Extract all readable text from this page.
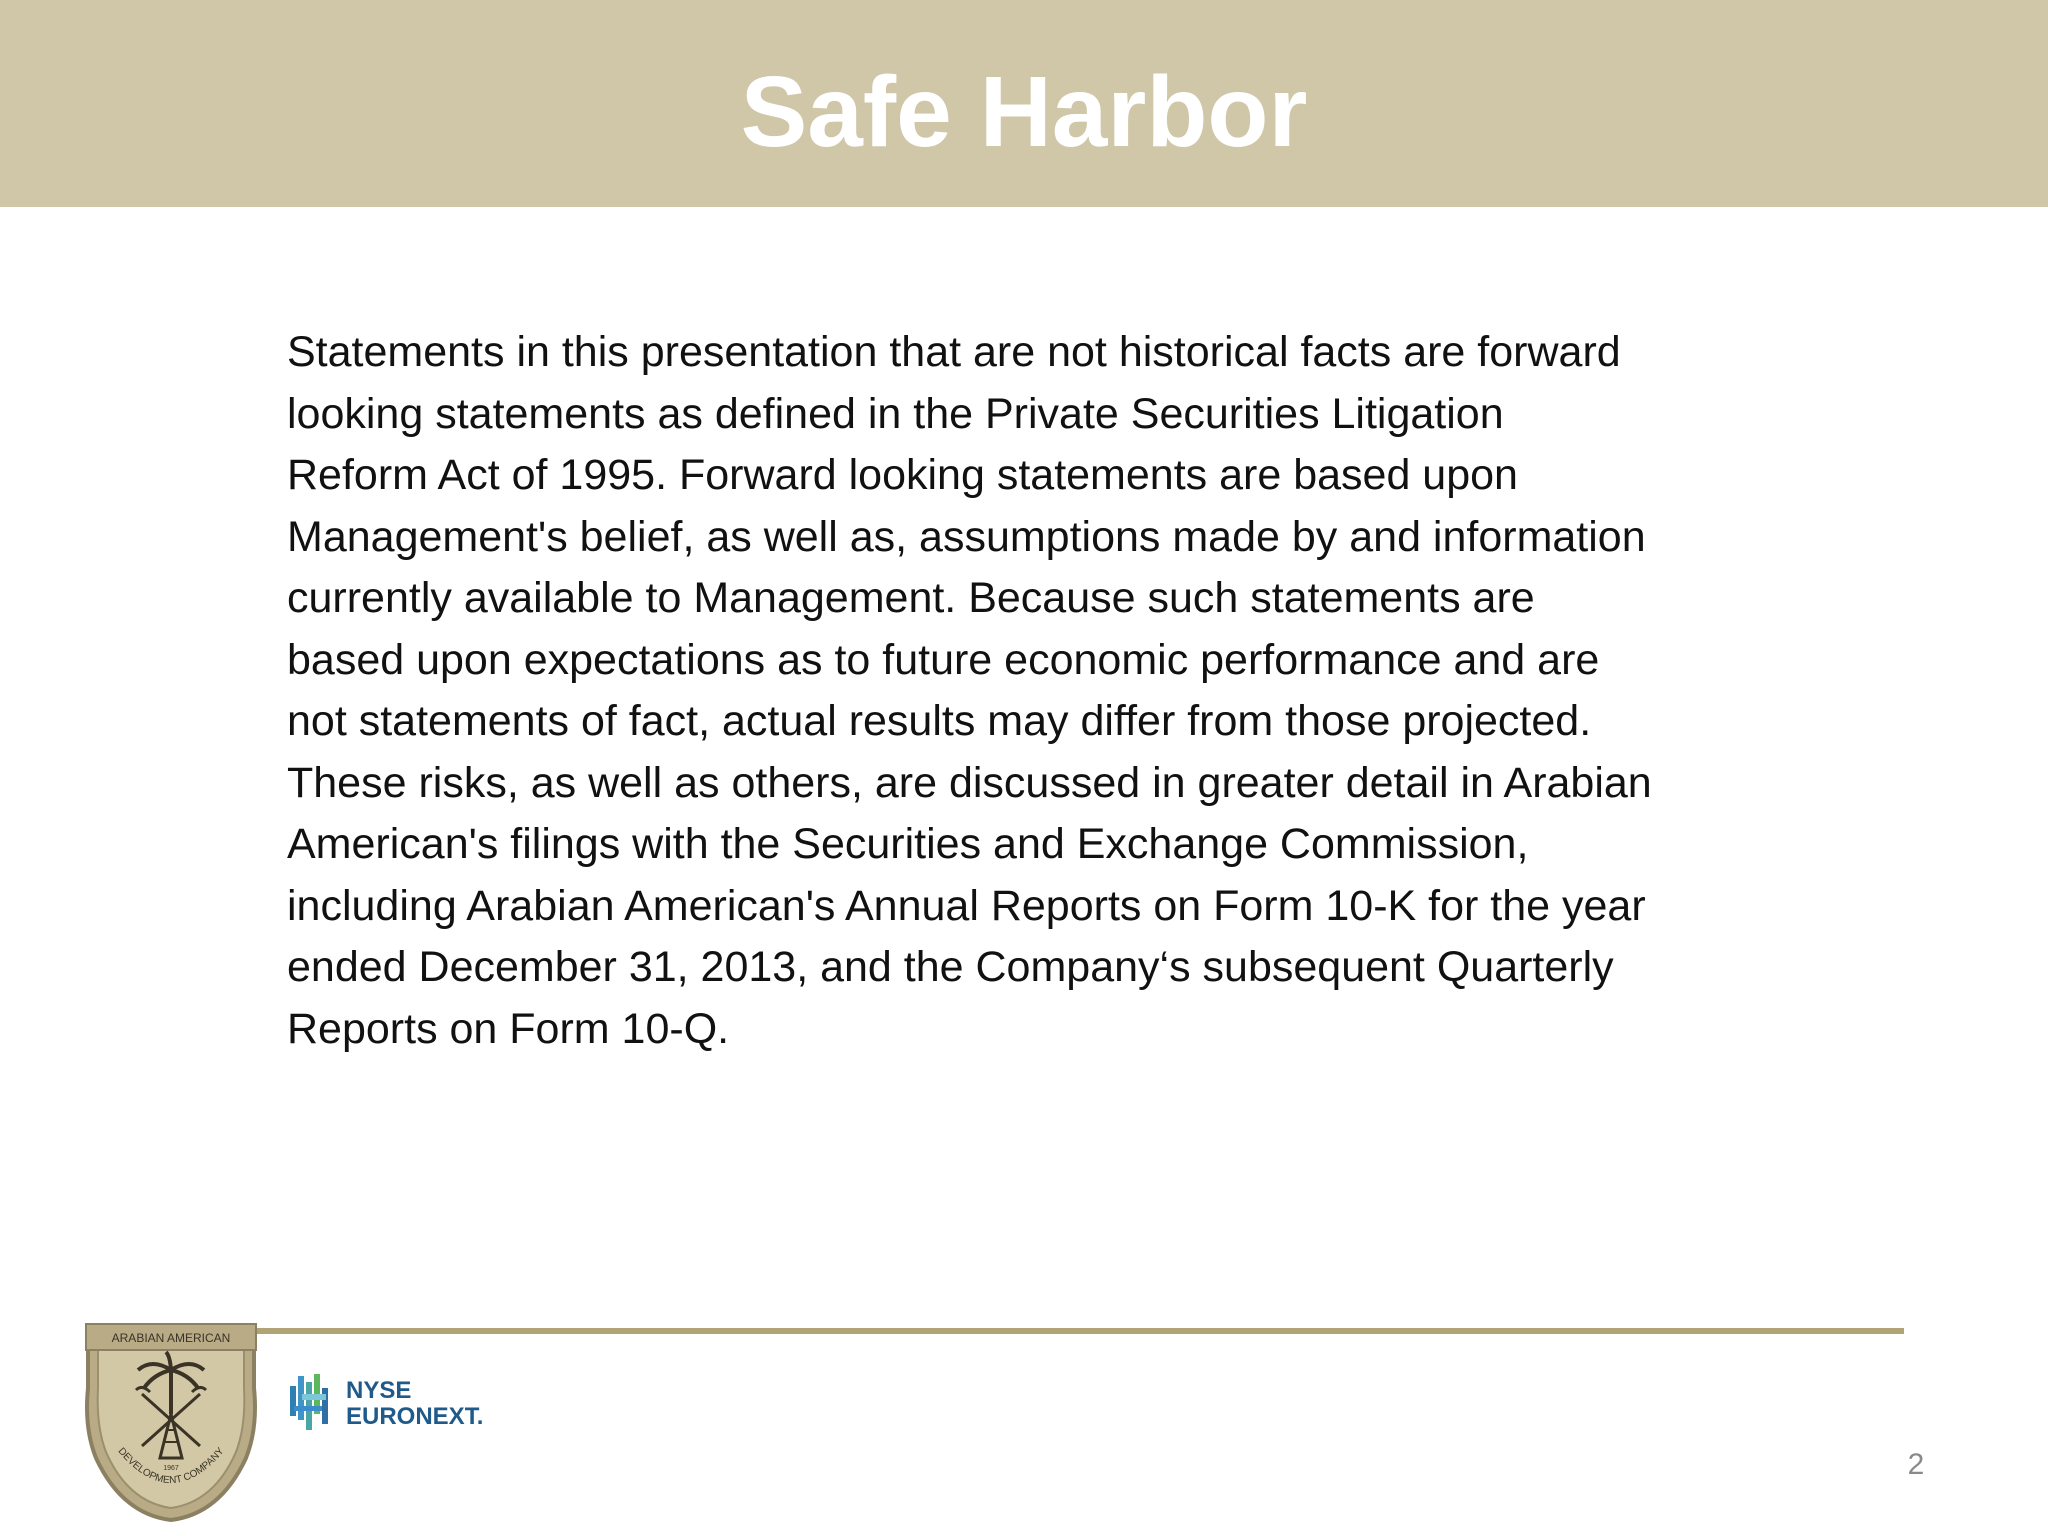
Safe Harbor
Statements in this presentation that are not historical facts are forward
looking statements as defined in the Private Securities Litigation
Reform Act of 1995. Forward looking statements are based upon
Management's belief, as well as, assumptions made by and information
currently available to Management. Because such statements are
based upon expectations as to future economic performance and are
not statements of fact, actual results may differ from those projected.
These risks, as well as others, are discussed in greater detail in Arabian
American's filings with the Securities and Exchange Commission,
including Arabian American's Annual Reports on Form 10-K for the year
ended December 31, 2013, and the Company‘s subsequent Quarterly
Reports on Form 10-Q.
ARABIAN AMERICAN
1967
DEVELOPMENT COMPANY
NYSE
EURONEXT.
2
